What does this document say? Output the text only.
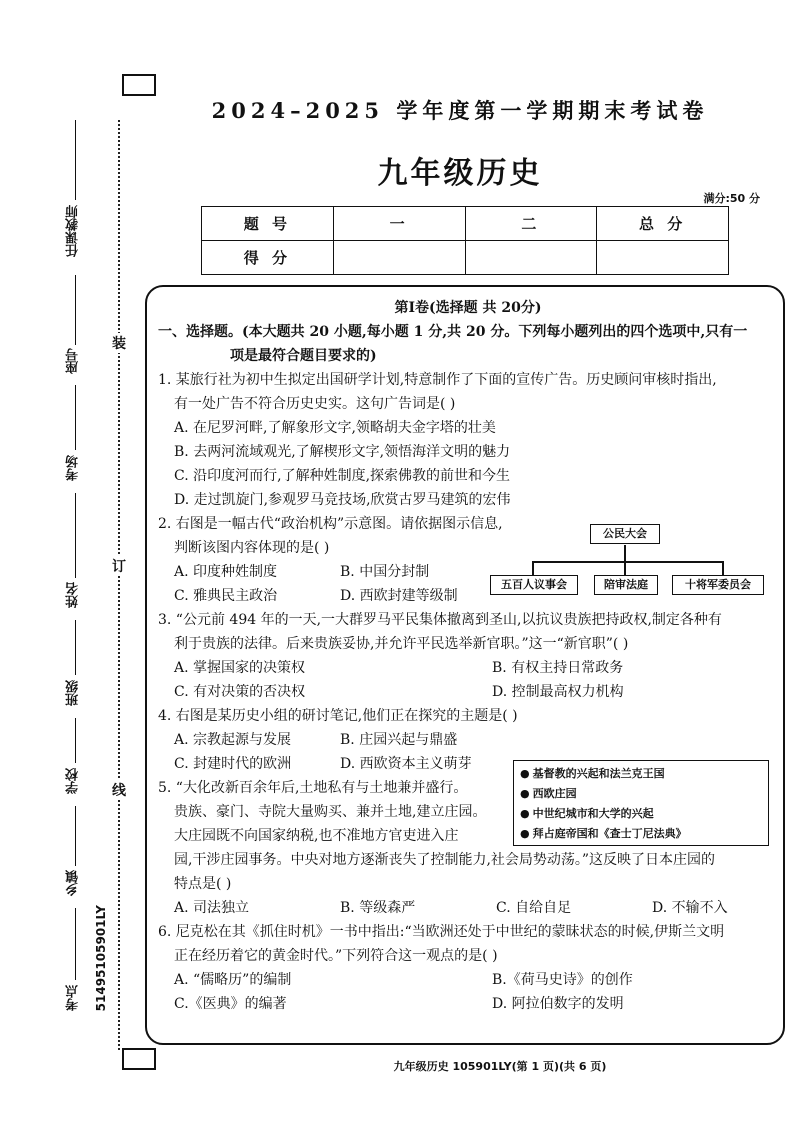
任课教师
座号
考场
姓名
班级
学校
乡镇
考点	51495105901LY
装
订
线
2024–2025 学年度第一学期期末考试卷
九年级历史
满分:50 分
题 号	一	二	总 分
得 分			

第Ⅰ卷(选择题 共 20分)

一、选择题。(本大题共 20 小题,每小题 1 分,共 20 分。下列每小题列出的四个选项中,只有一

项是最符合题目要求的)

1. 某旅行社为初中生拟定出国研学计划,特意制作了下面的宣传广告。历史顾问审核时指出,

有一处广告不符合历史史实。这句广告词是( )

A. 在尼罗河畔,了解象形文字,领略胡夫金字塔的壮美

B. 去两河流域观光,了解楔形文字,领悟海洋文明的魅力

C. 沿印度河而行,了解种姓制度,探索佛教的前世和今生

D. 走过凯旋门,参观罗马竞技场,欣赏古罗马建筑的宏伟

2. 右图是一幅古代“政治机构”示意图。请依据图示信息,

判断该图内容体现的是( )

A. 印度种姓制度	B. 中国分封制
C. 雅典民主政治	D. 西欧封建等级制

3. “公元前 494 年的一天,一大群罗马平民集体撤离到圣山,以抗议贵族把持政权,制定各种有

利于贵族的法律。后来贵族妥协,并允许平民选举新官职。”这一“新官职”( )

A. 掌握国家的决策权	B. 有权主持日常政务
C. 有对决策的否决权	D. 控制最高权力机构

4. 右图是某历史小组的研讨笔记,他们正在探究的主题是( )

A. 宗教起源与发展	B. 庄园兴起与鼎盛
C. 封建时代的欧洲	D. 西欧资本主义萌芽

5. “大化改新百余年后,土地私有与土地兼并盛行。

贵族、豪门、寺院大量购买、兼并土地,建立庄园。

大庄园既不向国家纳税,也不准地方官吏进入庄

园,干涉庄园事务。中央对地方逐渐丧失了控制能力,社会局势动荡。”这反映了日本庄园的

特点是( )

A. 司法独立	B. 等级森严	C. 自给自足	D. 不输不入

6. 尼克松在其《抓住时机》一书中指出:“当欧洲还处于中世纪的蒙昧状态的时候,伊斯兰文明

正在经历着它的黄金时代。”下列符合这一观点的是( )

A. “儒略历”的编制	B.《荷马史诗》的创作
C.《医典》的编著	D. 阿拉伯数字的发明
公民大会
五百人议事会	陪审法庭	十将军委员会
● 基督教的兴起和法兰克王国
● 西欧庄园
● 中世纪城市和大学的兴起
● 拜占庭帝国和《查士丁尼法典》
九年级历史 105901LY(第 1 页)(共 6 页)
